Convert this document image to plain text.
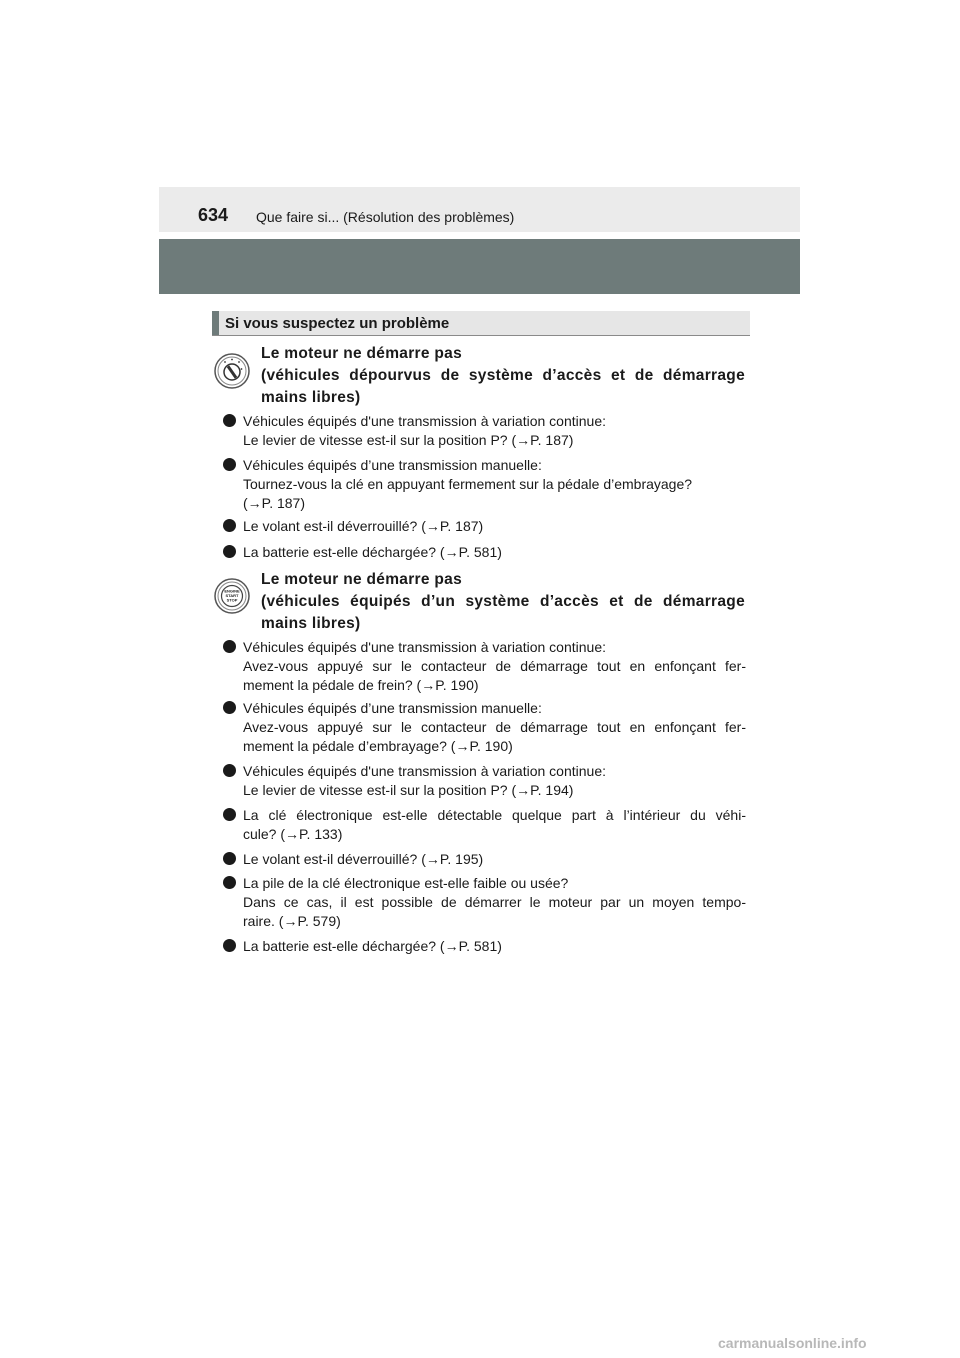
634 Que faire si... (Résolution des problèmes)
Si vous suspectez un problème
Le moteur ne démarre pas
(véhicules dépourvus de système d’accès et de démarrage
mains libres)
Véhicules équipés d'une transmission à variation continue:
Le levier de vitesse est-il sur la position P? (→P. 187)
Véhicules équipés d’une transmission manuelle:
Tournez-vous la clé en appuyant fermement sur la pédale d’embrayage?
(→P. 187)
Le volant est-il déverrouillé? (→P. 187)
La batterie est-elle déchargée? (→P. 581)
ENGINE
START
STOP
Le moteur ne démarre pas
(véhicules équipés d’un système d’accès et de démarrage
mains libres)
Véhicules équipés d'une transmission à variation continue:
Avez-vous appuyé sur le contacteur de démarrage tout en enfonçant fer-
mement la pédale de frein? (→P. 190)
Véhicules équipés d’une transmission manuelle:
Avez-vous appuyé sur le contacteur de démarrage tout en enfonçant fer-
mement la pédale d’embrayage? (→P. 190)
Véhicules équipés d'une transmission à variation continue:
Le levier de vitesse est-il sur la position P? (→P. 194)
La clé électronique est-elle détectable quelque part à l’intérieur du véhi-
cule? (→P. 133)
Le volant est-il déverrouillé? (→P. 195)
La pile de la clé électronique est-elle faible ou usée?
Dans ce cas, il est possible de démarrer le moteur par un moyen tempo-
raire. (→P. 579)
La batterie est-elle déchargée? (→P. 581)
carmanualsonline.info
